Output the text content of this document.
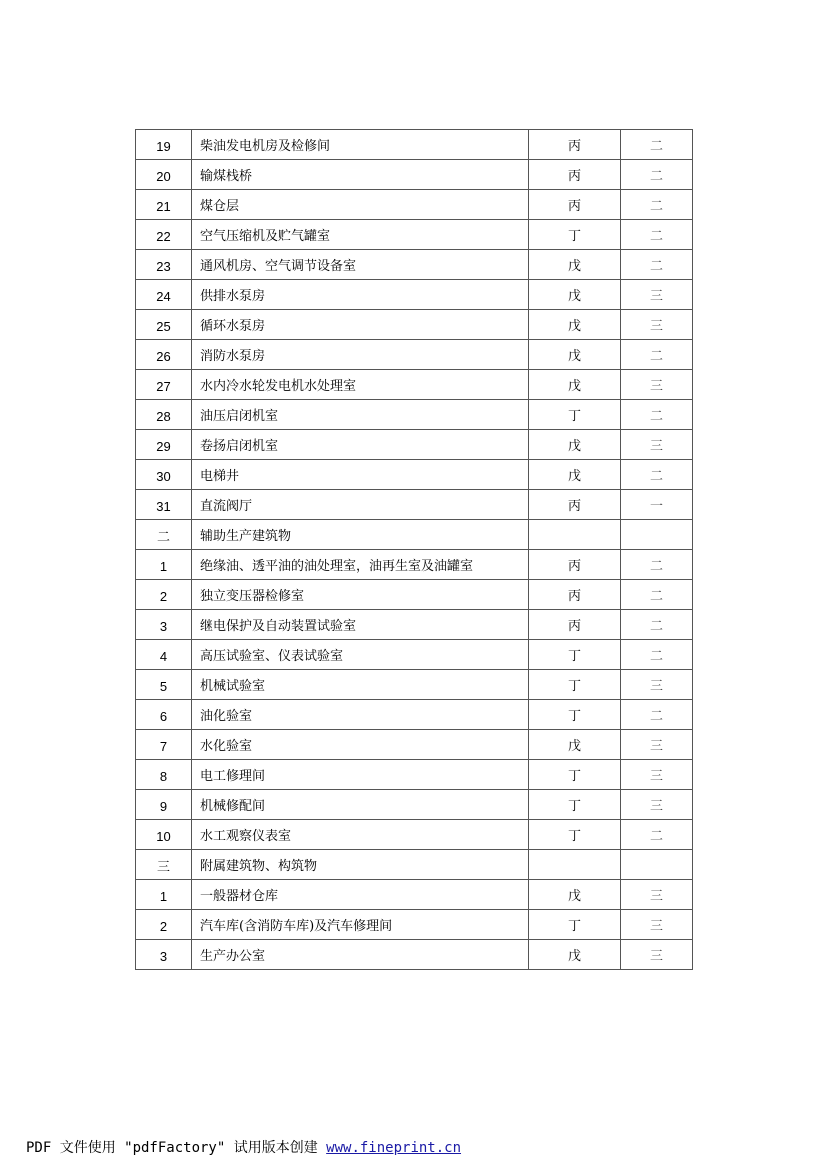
19	柴油发电机房及检修间	丙	二
20	输煤栈桥	丙	二
21	煤仓层	丙	二
22	空气压缩机及贮气罐室	丁	二
23	通风机房、空气调节设备室	戊	二
24	供排水泵房	戊	三
25	循环水泵房	戊	三
26	消防水泵房	戊	二
27	水内冷水轮发电机水处理室	戊	三
28	油压启闭机室	丁	二
29	卷扬启闭机室	戊	三
30	电梯井	戊	二
31	直流阀厅	丙	一
二	辅助生产建筑物		
1	绝缘油、透平油的油处理室，油再生室及油罐室	丙	二
2	独立变压器检修室	丙	二
3	继电保护及自动装置试验室	丙	二
4	高压试验室、仪表试验室	丁	二
5	机械试验室	丁	三
6	油化验室	丁	二
7	水化验室	戊	三
8	电工修理间	丁	三
9	机械修配间	丁	三
10	水工观察仪表室	丁	二
三	附属建筑物、构筑物		
1	一般器材仓库	戊	三
2	汽车库(含消防车库)及汽车修理间	丁	三
3	生产办公室	戊	三
PDF 文件使用 "pdfFactory" 试用版本创建 www.fineprint.cn
